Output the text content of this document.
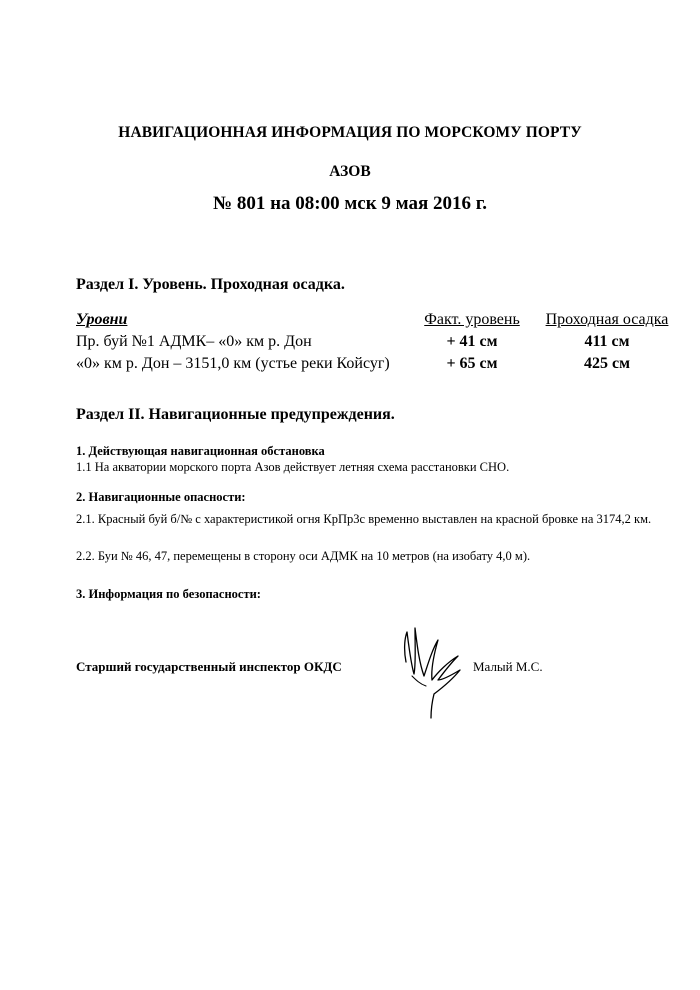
НАВИГАЦИОННАЯ ИНФОРМАЦИЯ ПО МОРСКОМУ ПОРТУ
АЗОВ
№ 801 на 08:00 мск 9 мая 2016 г.
Раздел I. Уровень. Проходная осадка.
Уровни	Факт. уровень	Проходная осадка
Пр. буй №1 АДМК– «0» км р. Дон	+ 41 см	411 см
«0» км р. Дон – 3151,0 км (устье реки Койсуг)	+ 65 см	425 см
Раздел II. Навигационные предупреждения.
1. Действующая навигационная обстановка
1.1 На акватории морского порта Азов действует летняя схема расстановки СНО.
2. Навигационные опасности:
2.1. Красный буй б/№ с характеристикой огня КрПр3с временно выставлен на красной бровке на 3174,2 км.
2.2. Буи № 46, 47, перемещены в сторону оси АДМК на 10 метров (на изобату 4,0 м).
3. Информация по безопасности:
Старший государственный инспектор ОКДС	Малый М.С.
